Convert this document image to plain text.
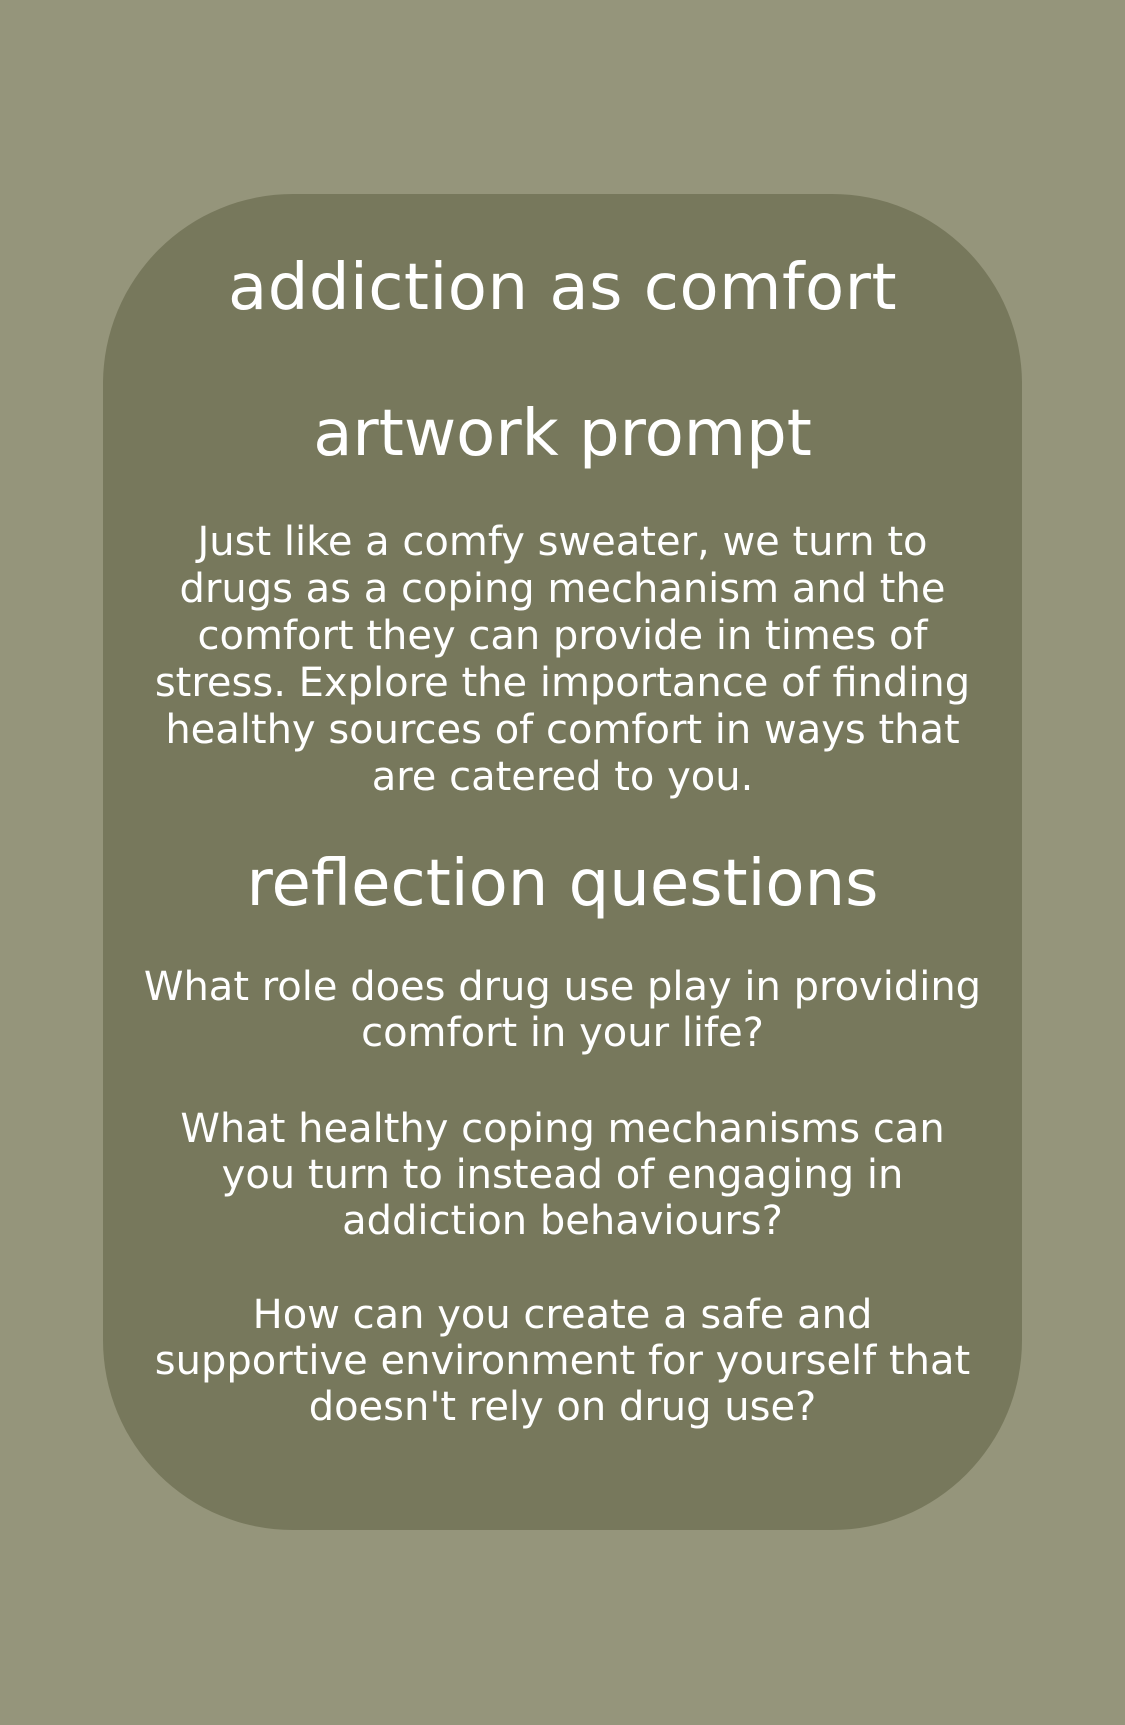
addiction as comfort
artwork prompt

Just like a comfy sweater, we turn to drugs as a coping mechanism and the comfort they can provide in times of stress. Explore the importance of finding healthy sources of comfort in ways that are catered to you.

reflection questions

What role does drug use play in providing comfort in your life?

What healthy coping mechanisms can you turn to instead of engaging in addiction behaviours?

How can you create a safe and supportive environment for yourself that doesn't rely on drug use?
